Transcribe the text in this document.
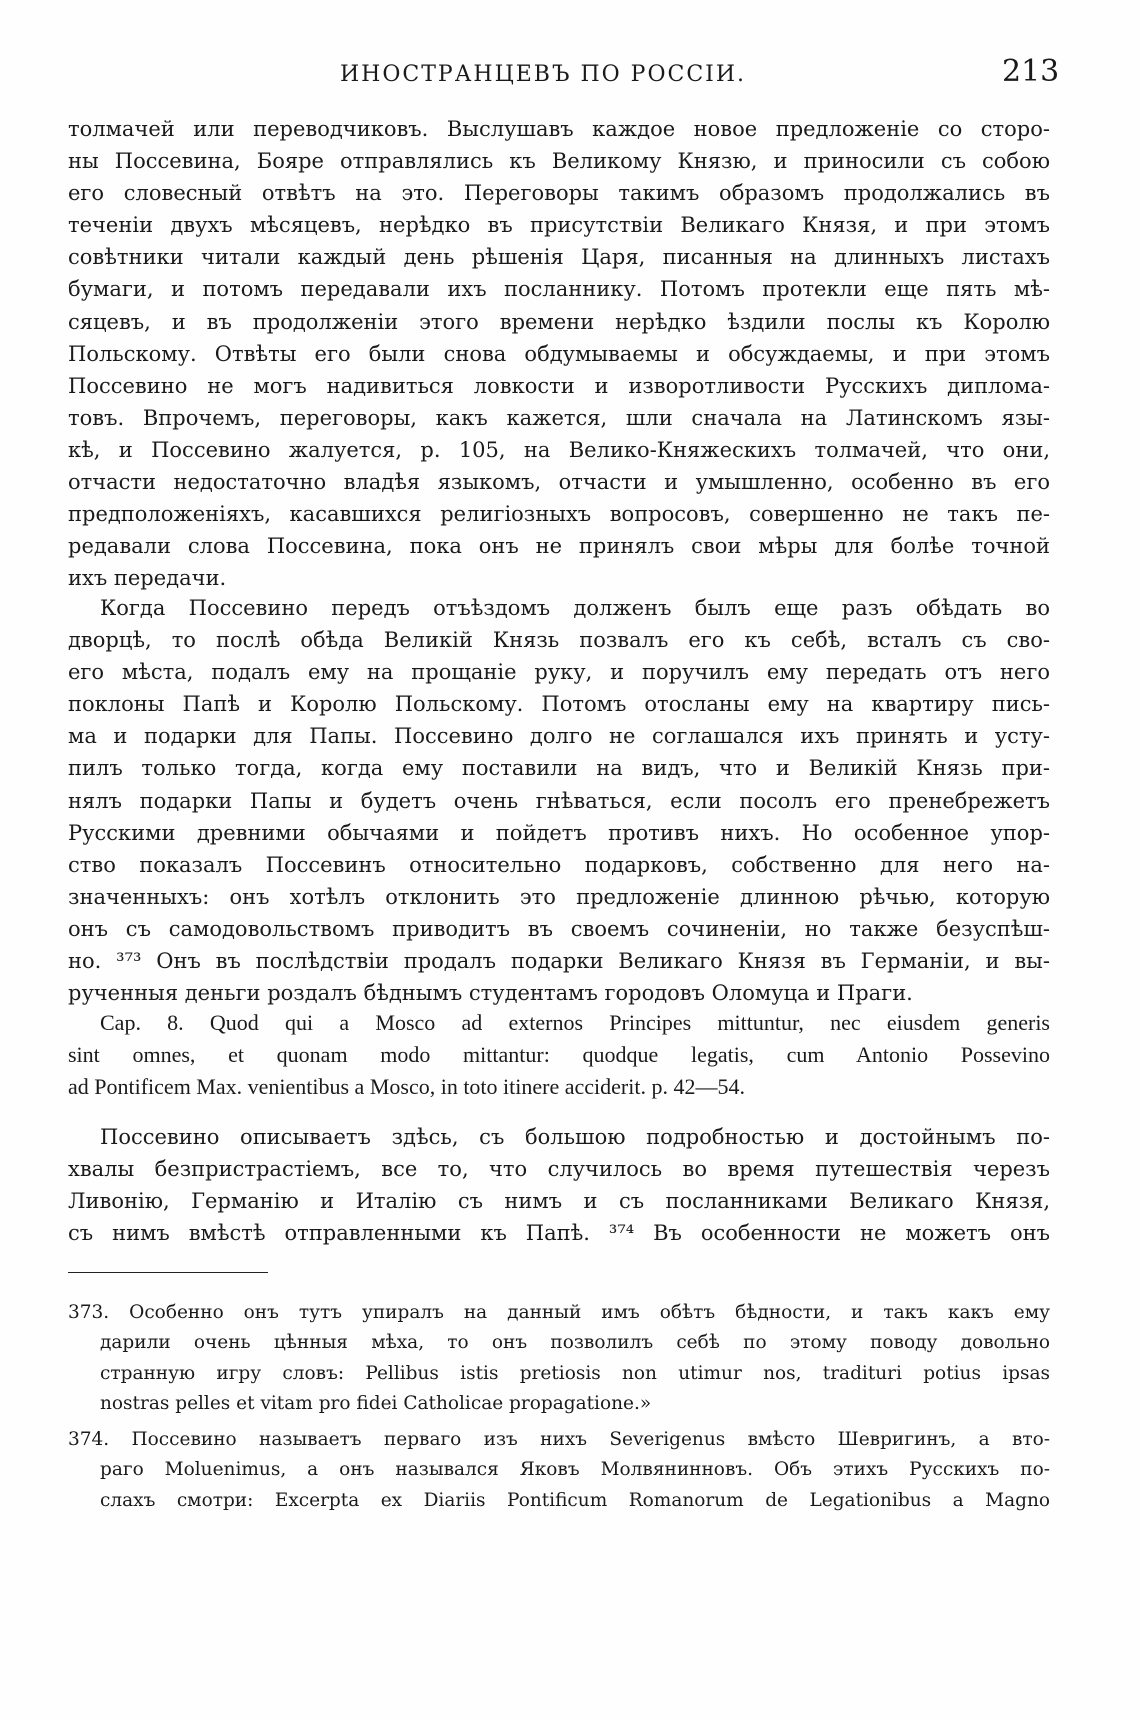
ИНОСТРАНЦЕВЪ ПО РОССІИ.	213
толмачей или переводчиковъ. Выслушавъ каждое новое предложеніе со сторо-
ны Поссевина, Бояре отправлялись къ Великому Князю, и приносили съ собою
его словесный отвѣтъ на это. Переговоры такимъ образомъ продолжались въ
теченіи двухъ мѣсяцевъ, нерѣдко въ присутствіи Великаго Князя, и при этомъ
совѣтники читали каждый день рѣшенія Царя, писанныя на длинныхъ листахъ
бумаги, и потомъ передавали ихъ посланнику. Потомъ протекли еще пять мѣ-
сяцевъ, и въ продолженіи этого времени нерѣдко ѣздили послы къ Королю
Польскому. Отвѣты его были снова обдумываемы и обсуждаемы, и при этомъ
Поссевино не могъ надивиться ловкости и изворотливости Русскихъ диплома-
товъ. Впрочемъ, переговоры, какъ кажется, шли сначала на Латинскомъ язы-
кѣ, и Поссевино жалуется, р. 105, на Велико-Княжескихъ толмачей, что они,
отчасти недостаточно владѣя языкомъ, отчасти и умышленно, особенно въ его
предположеніяхъ, касавшихся религіозныхъ вопросовъ, совершенно не такъ пе-
редавали слова Поссевина, пока онъ не принялъ свои мѣры для болѣе точной
ихъ передачи.
Когда Поссевино передъ отъѣздомъ долженъ былъ еще разъ обѣдать во
дворцѣ, то послѣ обѣда Великій Князь позвалъ его къ себѣ, всталъ съ сво-
его мѣста, подалъ ему на прощаніе руку, и поручилъ ему передать отъ него
поклоны Папѣ и Королю Польскому. Потомъ отосланы ему на квартиру пись-
ма и подарки для Папы. Поссевино долго не соглашался ихъ принять и усту-
пилъ только тогда, когда ему поставили на видъ, что и Великій Князь при-
нялъ подарки Папы и будетъ очень гнѣваться, если посолъ его пренебрежетъ
Русскими древними обычаями и пойдетъ противъ нихъ. Но особенное упор-
ство показалъ Поссевинъ относительно подарковъ, собственно для него на-
значенныхъ: онъ хотѣлъ отклонить это предложеніе длинною рѣчью, которую
онъ съ самодовольствомъ приводитъ въ своемъ сочиненіи, но также безуспѣш-
но. ³⁷³ Онъ въ послѣдствіи продалъ подарки Великаго Князя въ Германіи, и вы-
рученныя деньги роздалъ бѣднымъ студентамъ городовъ Оломуца и Праги.
Cap. 8. Quod qui a Mosco ad externos Principes mittuntur, nec eiusdem generis
sint omnes, et quonam modo mittantur: quodque legatis, cum Antonio Possevino
ad Pontificem Max. venientibus a Mosco, in toto itinere acciderit. p. 42—54.
Поссевино описываетъ здѣсь, съ большою подробностью и достойнымъ по-
хвалы безпристрастіемъ, все то, что случилось во время путешествія черезъ
Ливонію, Германію и Италію съ нимъ и съ посланниками Великаго Князя,
съ нимъ вмѣстѣ отправленными къ Папѣ. ³⁷⁴ Въ особенности не можетъ онъ
373. Особенно онъ тутъ упиралъ на данный имъ обѣтъ бѣдности, и такъ какъ ему
дарили очень цѣнныя мѣха, то онъ позволилъ себѣ по этому поводу довольно
странную игру словъ: Pellibus istis pretiosis non utimur nos, tradituri potius ipsas
nostras pelles et vitam pro fidei Catholicae propagatione.»
374. Поссевино называетъ перваго изъ нихъ Severigenus вмѣсто Шевригинъ, а вто-
раго Moluenimus, а онъ назывался Яковъ Молвянинновъ. Объ этихъ Русскихъ по-
слахъ смотри: Excerpta ex Diariis Pontificum Romanorum de Legationibus a Magno
